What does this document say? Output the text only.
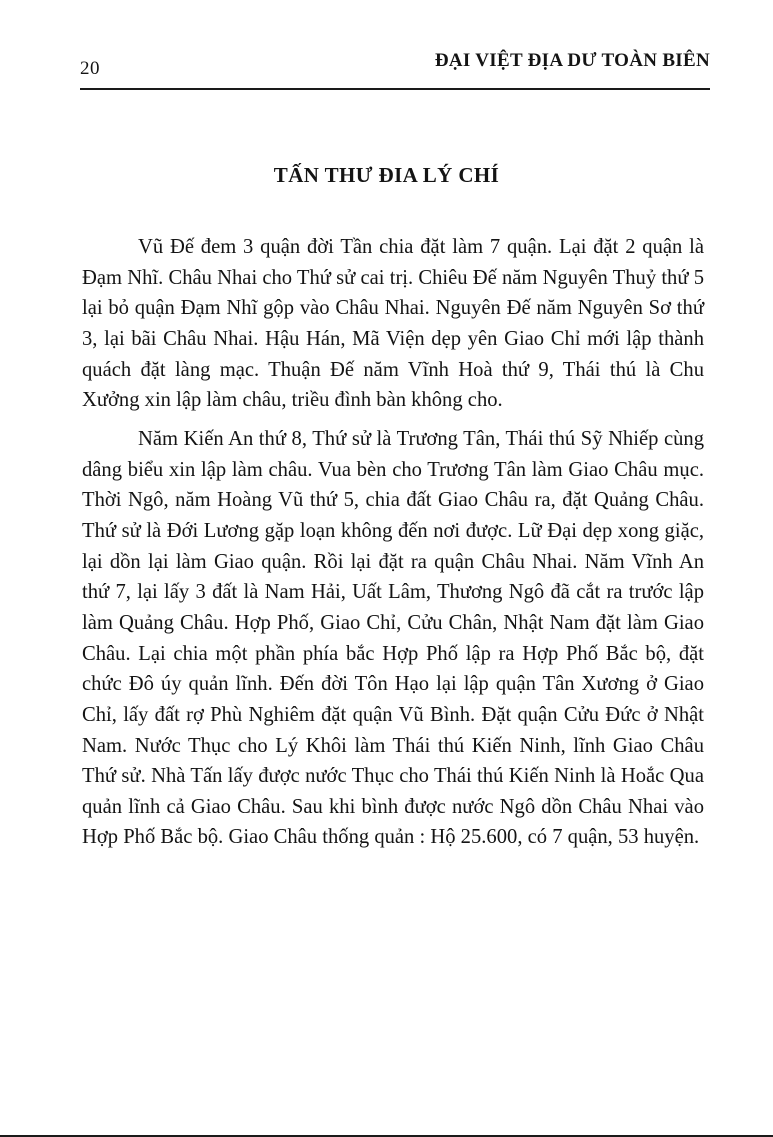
20	ĐẠI VIỆT ĐỊA DƯ TOÀN BIÊN
TẤN THƯ ĐIA LÝ CHÍ

Vũ Đế đem 3 quận đời Tần chia đặt làm 7 quận. Lại đặt 2 quận là Đạm Nhĩ. Châu Nhai cho Thứ sử cai trị. Chiêu Đế năm Nguyên Thuỷ thứ 5 lại bỏ quận Đạm Nhĩ gộp vào Châu Nhai. Nguyên Đế năm Nguyên Sơ thứ 3, lại bãi Châu Nhai. Hậu Hán, Mã Viện dẹp yên Giao Chỉ mới lập thành quách đặt làng mạc. Thuận Đế năm Vĩnh Hoà thứ 9, Thái thú là Chu Xưởng xin lập làm châu, triều đình bàn không cho.

Năm Kiến An thứ 8, Thứ sử là Trương Tân, Thái thú Sỹ Nhiếp cùng dâng biểu xin lập làm châu. Vua bèn cho Trương Tân làm Giao Châu mục. Thời Ngô, năm Hoàng Vũ thứ 5, chia đất Giao Châu ra, đặt Quảng Châu. Thứ sử là Đới Lương gặp loạn không đến nơi được. Lữ Đại dẹp xong giặc, lại dồn lại làm Giao quận. Rồi lại đặt ra quận Châu Nhai. Năm Vĩnh An thứ 7, lại lấy 3 đất là Nam Hải, Uất Lâm, Thương Ngô đã cắt ra trước lập làm Quảng Châu. Hợp Phố, Giao Chỉ, Cửu Chân, Nhật Nam đặt làm Giao Châu. Lại chia một phần phía bắc Hợp Phố lập ra Hợp Phố Bắc bộ, đặt chức Đô úy quản lĩnh. Đến đời Tôn Hạo lại lập quận Tân Xương ở Giao Chỉ, lấy đất rợ Phù Nghiêm đặt quận Vũ Bình. Đặt quận Cửu Đức ở Nhật Nam. Nước Thục cho Lý Khôi làm Thái thú Kiến Ninh, lĩnh Giao Châu Thứ sử. Nhà Tấn lấy được nước Thục cho Thái thú Kiến Ninh là Hoắc Qua quản lĩnh cả Giao Châu. Sau khi bình được nước Ngô dồn Châu Nhai vào Hợp Phố Bắc bộ. Giao Châu thống quản : Hộ 25.600, có 7 quận, 53 huyện.
